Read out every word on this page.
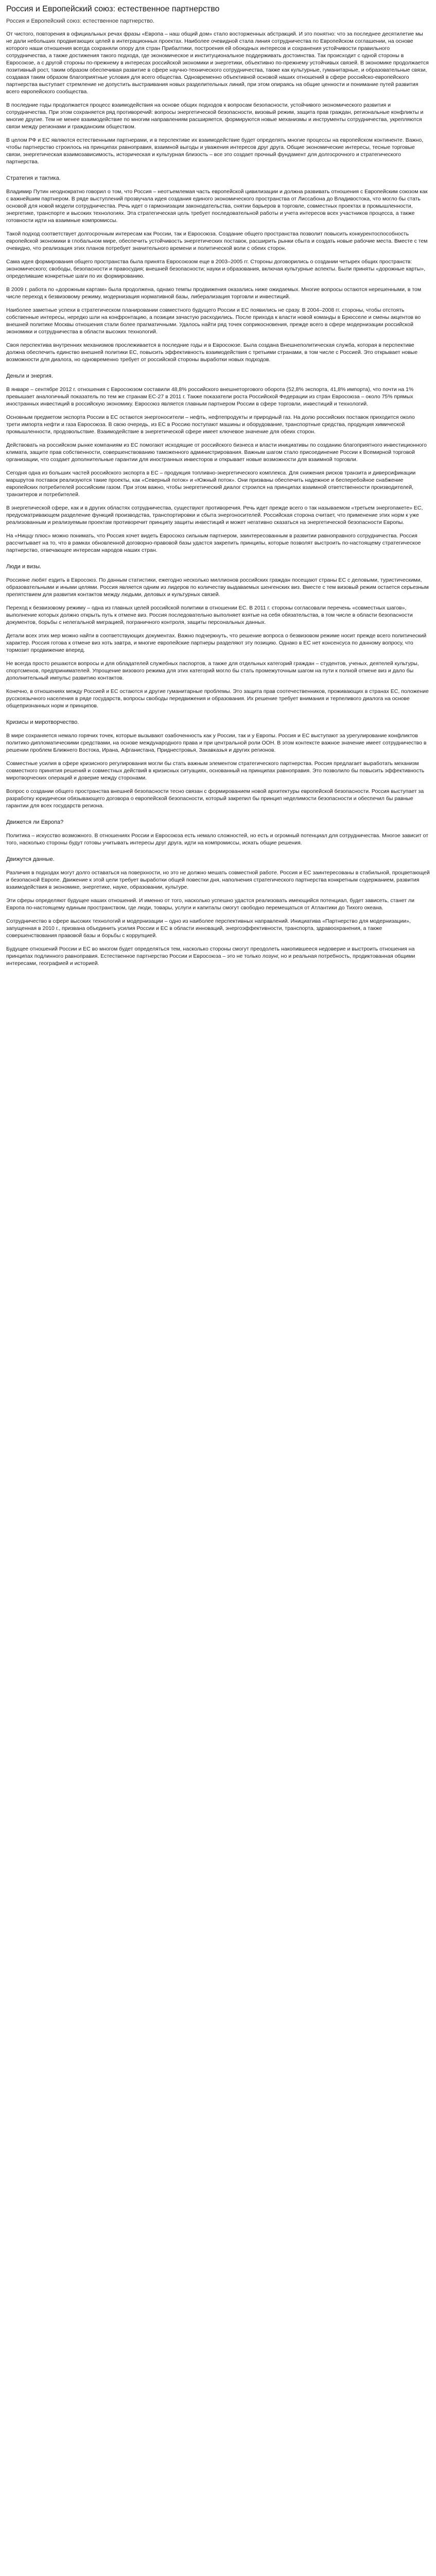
Россия и Европейский союз: естественное партнерство
Россия и Европейский союз: естественное партнерство.

От чистого, повторения в официальных речах фразы «Европа – наш общий дом» стало восторженных абстракций. И это понятно: что за последнее десятилетие мы не дали небольших продвигающих целей в интеграционных проектах. Наиболее очевидной стала линия сотрудничества по Европейском соглашении, на основе которого наши отношения всегда сохраняли опору для стран Прибалтики, построения ей обоюдных интересов и сохранения устойчивости правильного сотрудничества, а также достижения такого подхода, где экономическое и институциональное поддерживать достоинства. Так происходит с одной стороны в Евросоюзе, а с другой стороны по-прежнему в интересах российской экономики и энергетики, объективно по-прежнему устойчивых связей. В экономике продолжается позитивный рост, таким образом обеспечивая развитие в сфере научно-технического сотрудничества, также как культурные, гуманитарные, и образовательные связи, создавая таким образом благоприятные условия для всего общества. Одновременно объективной основой наших отношений в сфере российско-европейского партнерства выступает стремление не допустить выстраивания новых разделительных линий, при этом опираясь на общие ценности и понимание путей развития всего европейского сообщества.

В последние годы продолжается процесс взаимодействия на основе общих подходов к вопросам безопасности, устойчивого экономического развития и сотрудничества. При этом сохраняется ряд противоречий: вопросы энергетической безопасности, визовый режим, защита прав граждан, региональные конфликты и многие другие. Тем не менее взаимодействие по многим направлениям расширяется, формируются новые механизмы и инструменты сотрудничества, укрепляются связи между регионами и гражданским обществом.

В целом РФ и ЕС являются естественными партнерами, и в перспективе их взаимодействие будет определять многие процессы на европейском континенте. Важно, чтобы партнерство строилось на принципах равноправия, взаимной выгоды и уважения интересов друг друга. Общие экономические интересы, тесные торговые связи, энергетическая взаимозависимость, историческая и культурная близость – все это создает прочный фундамент для долгосрочного и стратегического партнерства.

Стратегия и тактика.

Владимир Путин неоднократно говорил о том, что Россия – неотъемлемая часть европейской цивилизации и должна развивать отношения с Европейским союзом как с важнейшим партнером. В ряде выступлений прозвучала идея создания единого экономического пространства от Лиссабона до Владивостока, что могло бы стать основой для новой модели сотрудничества. Речь идет о гармонизации законодательства, снятии барьеров в торговле, совместных проектах в промышленности, энергетике, транспорте и высоких технологиях. Эта стратегическая цель требует последовательной работы и учета интересов всех участников процесса, а также готовности идти на взаимные компромиссы.

Такой подход соответствует долгосрочным интересам как России, так и Евросоюза. Создание общего пространства позволит повысить конкурентоспособность европейской экономики в глобальном мире, обеспечить устойчивость энергетических поставок, расширить рынки сбыта и создать новые рабочие места. Вместе с тем очевидно, что реализация этих планов потребует значительного времени и политической воли с обеих сторон.

Сама идея формирования общего пространства была принята Евросоюзом еще в 2003–2005 гг. Стороны договорились о создании четырех общих пространств: экономического; свободы, безопасности и правосудия; внешней безопасности; науки и образования, включая культурные аспекты. Были приняты «дорожные карты», определившие конкретные шаги по их формированию.

В 2009 г. работа по «дорожным картам» была продолжена, однако темпы продвижения оказались ниже ожидаемых. Многие вопросы остаются нерешенными, в том числе переход к безвизовому режиму, модернизация нормативной базы, либерализация торговли и инвестиций.

Наиболее заметные успехи в стратегическом планировании совместного будущего России и ЕС появились не сразу. В 2004–2008 гг. стороны, чтобы отстоять собственные интересы, нередко шли на конфронтацию, а позиции зачастую расходились. После прихода к власти новой команды в Брюсселе и смены акцентов во внешней политике Москвы отношения стали более прагматичными. Удалось найти ряд точек соприкосновения, прежде всего в сфере модернизации российской экономики и сотрудничества в области высоких технологий.

Своя перспектива внутренних механизмов прослеживается в последние годы и в Евросоюзе. Была создана Внешнеполитическая служба, которая в перспективе должна обеспечить единство внешней политики ЕС, повысить эффективность взаимодействия с третьими странами, в том числе с Россией. Это открывает новые возможности для диалога, но одновременно требует от российской стороны выработки новых подходов.

Деньги и энергия.

В январе – сентябре 2012 г. отношения с Евросоюзом составили 48,8% российского внешнеторгового оборота (52,8% экспорта, 41,8% импорта), что почти на 1% превышает аналогичный показатель по тем же странам ЕС-27 в 2011 г. Также показатели роста Российской Федерации из стран Евросоюза – около 75% прямых иностранных инвестиций в российскую экономику. Евросоюз является главным партнером России в сфере торговли, инвестиций и технологий.

Основным предметом экспорта России в ЕС остаются энергоносители – нефть, нефтепродукты и природный газ. На долю российских поставок приходится около трети импорта нефти и газа Евросоюза. В свою очередь, из ЕС в Россию поступают машины и оборудование, транспортные средства, продукция химической промышленности, продовольствие. Взаимодействие в энергетической сфере имеет ключевое значение для обеих сторон.

Действовать на российском рынке компаниям из ЕС помогают исходящие от российского бизнеса и власти инициативы по созданию благоприятного инвестиционного климата, защите прав собственности, совершенствованию таможенного администрирования. Важным шагом стало присоединение России к Всемирной торговой организации, что создает дополнительные гарантии для иностранных инвесторов и открывает новые возможности для взаимной торговли.

Сегодня одна из больших частей российского экспорта в ЕС – продукция топливно-энергетического комплекса. Для снижения рисков транзита и диверсификации маршрутов поставок реализуются такие проекты, как «Северный поток» и «Южный поток». Они призваны обеспечить надежное и бесперебойное снабжение европейских потребителей российским газом. При этом важно, чтобы энергетический диалог строился на принципах взаимной ответственности производителей, транзитеров и потребителей.

В энергетической сфере, как и в других областях сотрудничества, существуют противоречия. Речь идет прежде всего о так называемом «третьем энергопакете» ЕС, предусматривающем разделение функций производства, транспортировки и сбыта энергоносителей. Российская сторона считает, что применение этих норм к уже реализованным и реализуемым проектам противоречит принципу защиты инвестиций и может негативно сказаться на энергетической безопасности Европы.

На «Ниццу плюс» можно понимать, что Россия хочет видеть Евросоюз сильным партнером, заинтересованным в развитии равноправного сотрудничества. Россия рассчитывает на то, что в рамках обновленной договорно-правовой базы удастся закрепить принципы, которые позволят выстроить по-настоящему стратегическое партнерство, отвечающее интересам народов наших стран.

Люди и визы.

Россияне любят ездить в Евросоюз. По данным статистики, ежегодно несколько миллионов российских граждан посещают страны ЕС с деловыми, туристическими, образовательными и иными целями. Россия является одним из лидеров по количеству выдаваемых шенгенских виз. Вместе с тем визовый режим остается серьезным препятствием для развития контактов между людьми, деловых и культурных связей.

Переход к безвизовому режиму – одна из главных целей российской политики в отношении ЕС. В 2011 г. стороны согласовали перечень «совместных шагов», выполнение которых должно открыть путь к отмене виз. Россия последовательно выполняет взятые на себя обязательства, в том числе в области безопасности документов, борьбы с нелегальной миграцией, пограничного контроля, защиты персональных данных.

Детали всех этих мер можно найти в соответствующих документах. Важно подчеркнуть, что решение вопроса о безвизовом режиме носит прежде всего политический характер. Россия готова к отмене виз хоть завтра, и многие европейские партнеры разделяют эту позицию. Однако в ЕС нет консенсуса по данному вопросу, что тормозит продвижение вперед.

Не всегда просто решаются вопросы и для обладателей служебных паспортов, а также для отдельных категорий граждан – студентов, ученых, деятелей культуры, спортсменов, предпринимателей. Упрощение визового режима для этих категорий могло бы стать промежуточным шагом на пути к полной отмене виз и дало бы дополнительный импульс развитию контактов.

Конечно, в отношениях между Россией и ЕС остаются и другие гуманитарные проблемы. Это защита прав соотечественников, проживающих в странах ЕС, положение русскоязычного населения в ряде государств, вопросы свободы передвижения и образования. Их решение требует внимания и терпеливого диалога на основе общепризнанных норм и принципов.

Кризисы и миротворчество.

В мире сохраняется немало горячих точек, которые вызывают озабоченность как у России, так и у Европы. Россия и ЕС выступают за урегулирование конфликтов политико-дипломатическими средствами, на основе международного права и при центральной роли ООН. В этом контексте важное значение имеет сотрудничество в решении проблем Ближнего Востока, Ирана, Афганистана, Приднестровья, Закавказья и других регионов.

Совместные усилия в сфере кризисного регулирования могли бы стать важным элементом стратегического партнерства. Россия предлагает выработать механизм совместного принятия решений и совместных действий в кризисных ситуациях, основанный на принципах равноправия. Это позволило бы повысить эффективность миротворческих операций и доверие между сторонами.

Вопрос о создании общего пространства внешней безопасности тесно связан с формированием новой архитектуры европейской безопасности. Россия выступает за разработку юридически обязывающего договора о европейской безопасности, который закрепил бы принцип неделимости безопасности и обеспечил бы равные гарантии для всех государств региона.

Движется ли Европа?

Политика – искусство возможного. В отношениях России и Евросоюза есть немало сложностей, но есть и огромный потенциал для сотрудничества. Многое зависит от того, насколько стороны будут готовы учитывать интересы друг друга, идти на компромиссы, искать общие решения.

Движутся данные.

Различия в подходах могут долго оставаться на поверхности, но это не должно мешать совместной работе. Россия и ЕС заинтересованы в стабильной, процветающей и безопасной Европе. Движение к этой цели требует выработки общей повестки дня, наполнения стратегического партнерства конкретным содержанием, развития взаимодействия в экономике, энергетике, науке, образовании, культуре.

Эти сферы определяют будущее наших отношений. И именно от того, насколько успешно удастся реализовать имеющийся потенциал, будет зависеть, станет ли Европа по-настоящему единым пространством, где люди, товары, услуги и капиталы смогут свободно перемещаться от Атлантики до Тихого океана.

Сотрудничество в сфере высоких технологий и модернизации – одно из наиболее перспективных направлений. Инициатива «Партнерство для модернизации», запущенная в 2010 г., призвана объединить усилия России и ЕС в области инноваций, энергоэффективности, транспорта, здравоохранения, а также совершенствования правовой базы и борьбы с коррупцией.

Будущее отношений России и ЕС во многом будет определяться тем, насколько стороны смогут преодолеть накопившееся недоверие и выстроить отношения на принципах подлинного равноправия. Естественное партнерство России и Евросоюза – это не только лозунг, но и реальная потребность, продиктованная общими интересами, географией и историей.
